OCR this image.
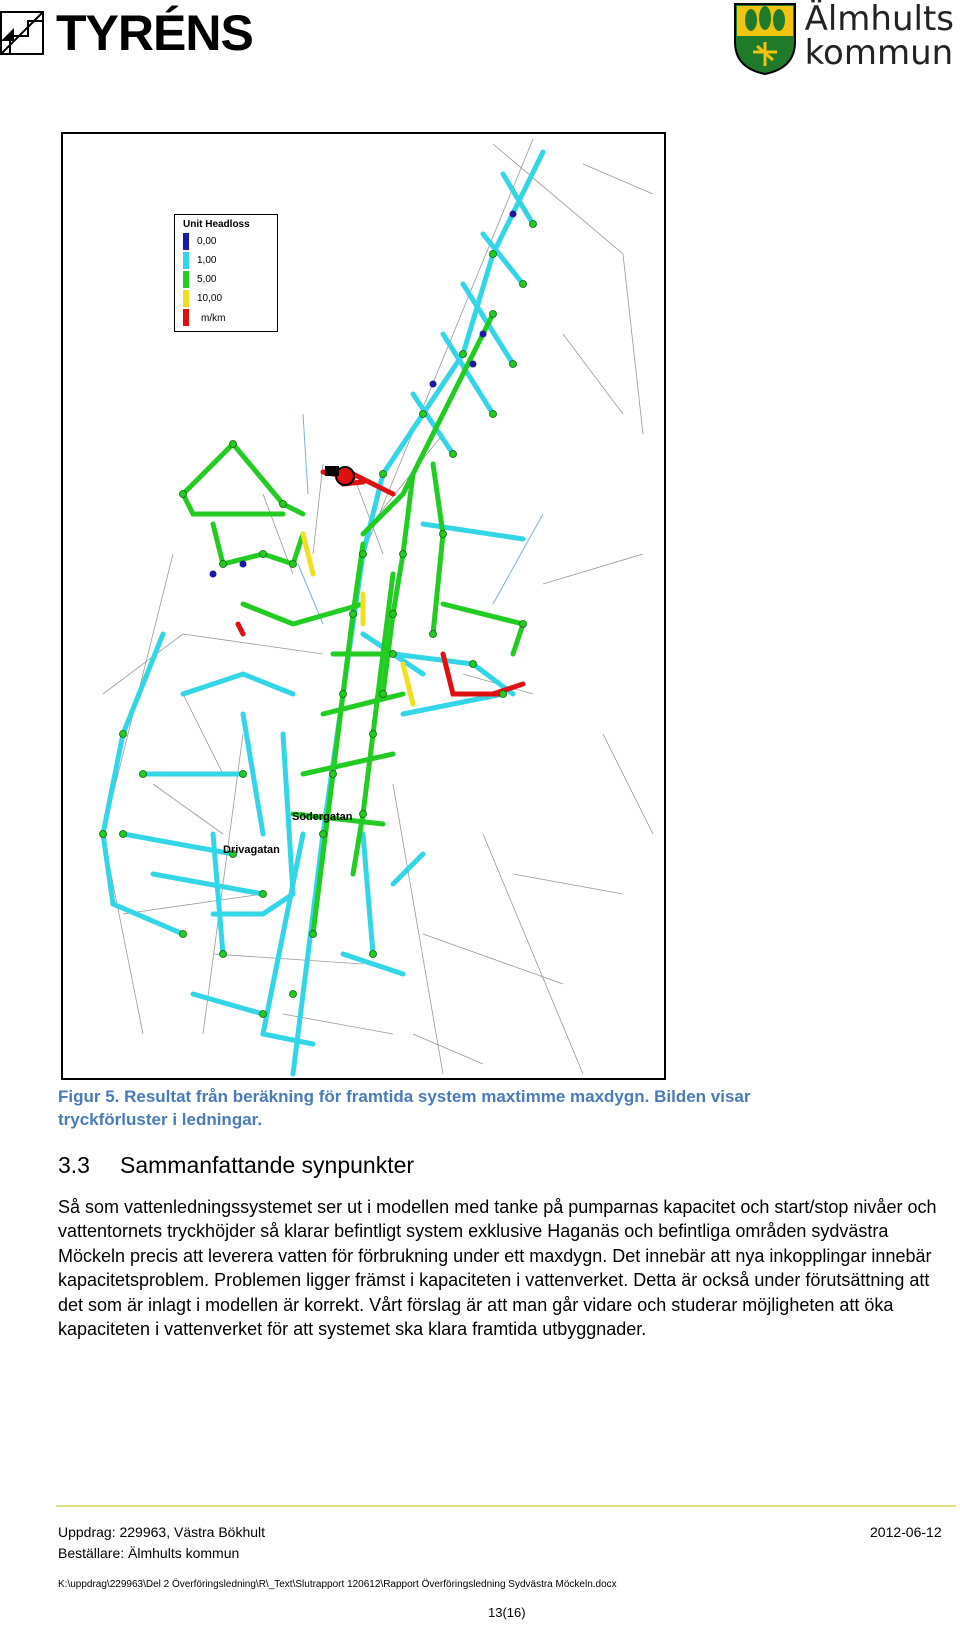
TYRÉNS	Älmhults
kommun
Unit Headloss
0,00
1,00
5,00
10,00
m/km
Södergatan
Drivagatan
Figur 5. Resultat från beräkning för framtida system maxtimme maxdygn. Bilden visar tryckförluster i ledningar.
3.3 Sammanfattande synpunkter
Så som vattenledningssystemet ser ut i modellen med tanke på pumparnas kapacitet och start/stop nivåer och vattentornets tryckhöjder så klarar befintligt system exklusive Haganäs och befintliga områden sydvästra Möckeln precis att leverera vatten för förbrukning under ett maxdygn. Det innebär att nya inkopplingar innebär kapacitetsproblem. Problemen ligger främst i kapaciteten i vattenverket. Detta är också under förutsättning att det som är inlagt i modellen är korrekt. Vårt förslag är att man går vidare och studerar möjligheten att öka kapaciteten i vattenverket för att systemet ska klara framtida utbyggnader.
Uppdrag: 229963, Västra Bökhult
Beställare: Älmhults kommun
2012-06-12
K:\uppdrag\229963\Del 2 Överföringsledning\R\_Text\Slutrapport 120612\Rapport Överföringsledning Sydvästra Möckeln.docx
13(16)
